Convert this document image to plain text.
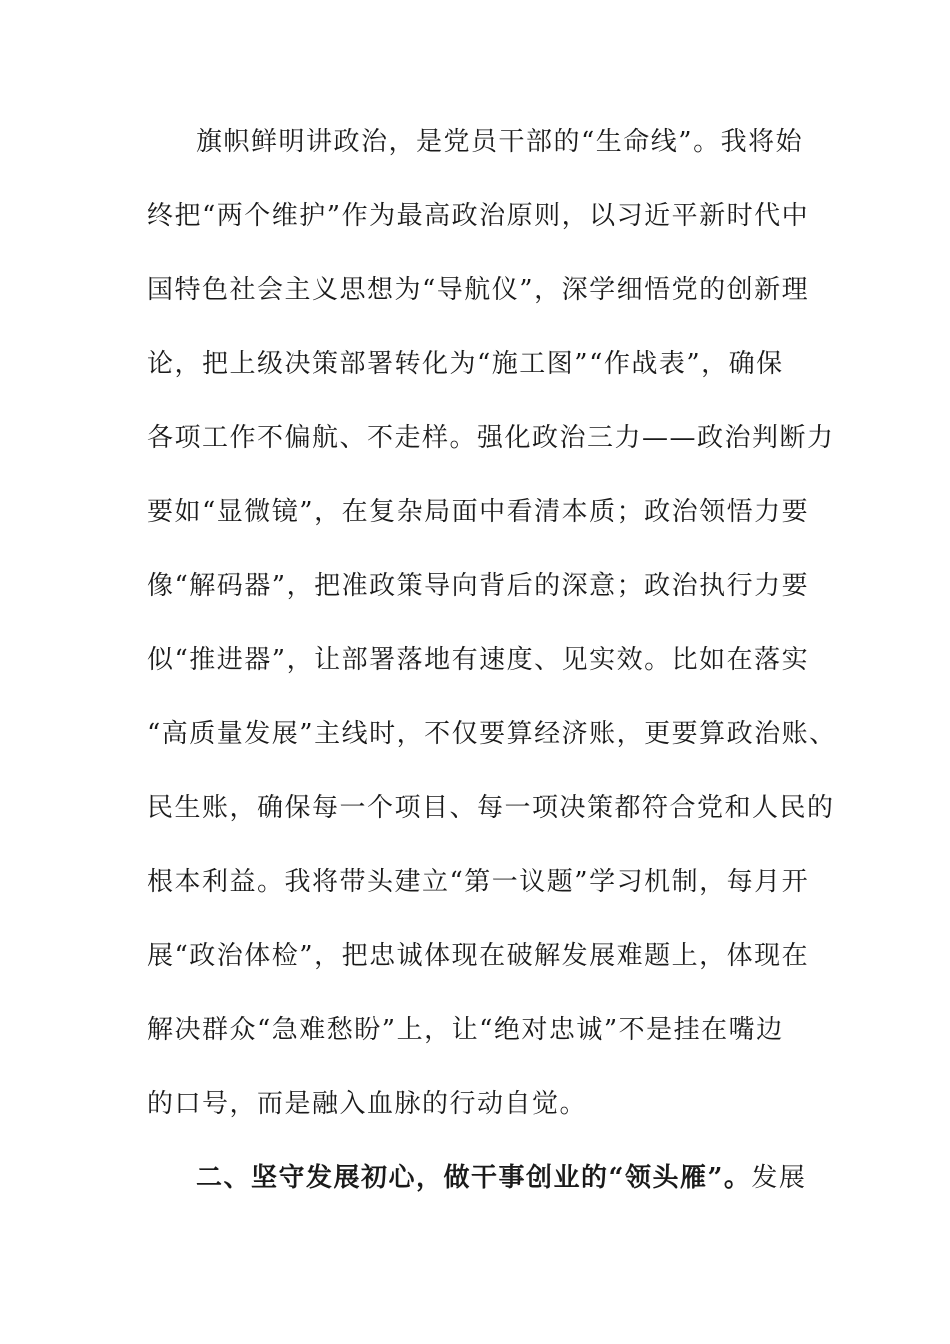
旗帜鲜明讲政治，是党员干部的“生命线”。我将始
终把“两个维护”作为最高政治原则，以习近平新时代中
国特色社会主义思想为“导航仪”，深学细悟党的创新理
论，把上级决策部署转化为“施工图”“作战表”，确保
各项工作不偏航、不走样。强化政治三力——政治判断力
要如“显微镜”，在复杂局面中看清本质；政治领悟力要
像“解码器”，把准政策导向背后的深意；政治执行力要
似“推进器”，让部署落地有速度、见实效。比如在落实
“高质量发展”主线时，不仅要算经济账，更要算政治账、
民生账，确保每一个项目、每一项决策都符合党和人民的
根本利益。我将带头建立“第一议题”学习机制，每月开
展“政治体检”，把忠诚体现在破解发展难题上，体现在
解决群众“急难愁盼”上，让“绝对忠诚”不是挂在嘴边
的口号，而是融入血脉的行动自觉。
二、坚守发展初心，做干事创业的“领头雁”。发展
